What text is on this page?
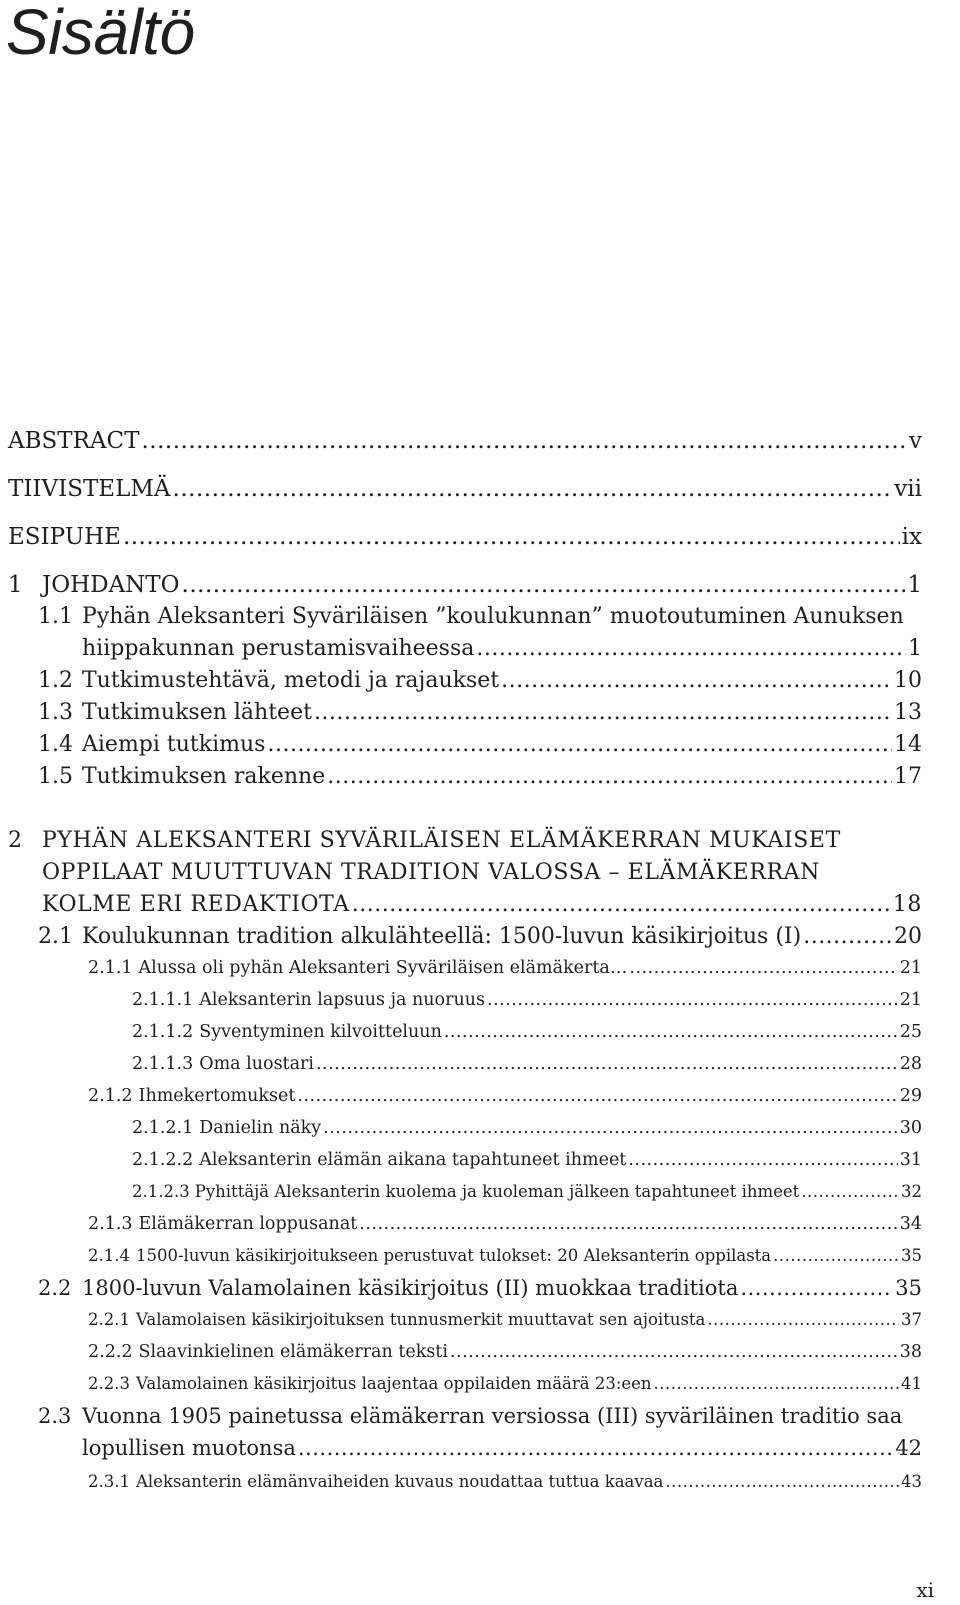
Sisältö
ABSTRACT .....	v
TIIVISTELMÄ .....	vii
ESIPUHE .....	ix
1 JOHDANTO .....	1
1.1 Pyhän Aleksanteri Syväriläisen ”koulukunnan” muotoutuminen Aunuksen
hiippakunnan perustamisvaiheessa .....	1
1.2 Tutkimustehtävä, metodi ja rajaukset .....	10
1.3 Tutkimuksen lähteet .....	13
1.4 Aiempi tutkimus .....	14
1.5 Tutkimuksen rakenne .....	17
2 PYHÄN ALEKSANTERI SYVÄRILÄISEN ELÄMÄKERRAN MUKAISET
OPPILAAT MUUTTUVAN TRADITION VALOSSA – ELÄMÄKERRAN
KOLME ERI REDAKTIOTA .....	18
2.1 Koulukunnan tradition alkulähteellä: 1500-luvun käsikirjoitus (I) .....	20
2.1.1 Alussa oli pyhän Aleksanteri Syväriläisen elämäkerta… .....	21
2.1.1.1 Aleksanterin lapsuus ja nuoruus .....	21
2.1.1.2 Syventyminen kilvoitteluun .....	25
2.1.1.3 Oma luostari .....	28
2.1.2 Ihmekertomukset .....	29
2.1.2.1 Danielin näky .....	30
2.1.2.2 Aleksanterin elämän aikana tapahtuneet ihmeet .....	31
2.1.2.3 Pyhittäjä Aleksanterin kuolema ja kuoleman jälkeen tapahtuneet ihmeet .....	32
2.1.3 Elämäkerran loppusanat .....	34
2.1.4 1500-luvun käsikirjoitukseen perustuvat tulokset: 20 Aleksanterin oppilasta .....	35
2.2 1800-luvun Valamolainen käsikirjoitus (II) muokkaa traditiota .....	35
2.2.1 Valamolaisen käsikirjoituksen tunnusmerkit muuttavat sen ajoitusta .....	37
2.2.2 Slaavinkielinen elämäkerran teksti .....	38
2.2.3 Valamolainen käsikirjoitus laajentaa oppilaiden määrä 23:een .....	41
2.3 Vuonna 1905 painetussa elämäkerran versiossa (III) syväriläinen traditio saa
lopullisen muotonsa .....	42
2.3.1 Aleksanterin elämänvaiheiden kuvaus noudattaa tuttua kaavaa .....	43
xi
